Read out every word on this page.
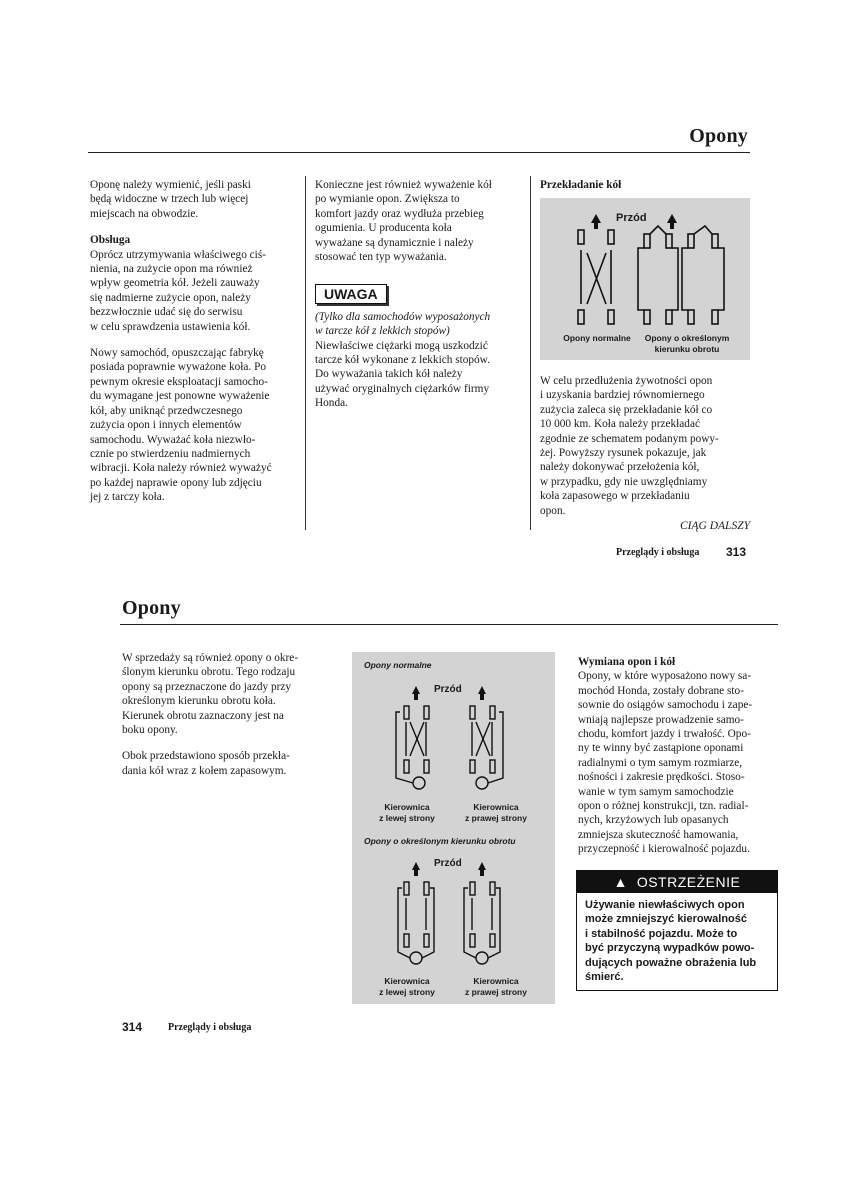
Opony

Oponę należy wymienić, jeśli paski
będą widoczne w trzech lub więcej
miejscach na obwodzie.

Obsługa

Oprócz utrzymywania właściwego ciś-
nienia, na zużycie opon ma również
wpływ geometria kół. Jeżeli zauważy
się nadmierne zużycie opon, należy
bezzwłocznie udać się do serwisu
w celu sprawdzenia ustawienia kół.

Nowy samochód, opuszczając fabrykę
posiada poprawnie wyważone koła. Po
pewnym okresie eksploatacji samocho-
du wymagane jest ponowne wyważenie
kół, aby uniknąć przedwczesnego
zużycia opon i innych elementów
samochodu. Wyważać koła niezwło-
cznie po stwierdzeniu nadmiernych
wibracji. Koła należy również wyważyć
po każdej naprawie opony lub zdjęciu
jej z tarczy koła.

Konieczne jest również wyważenie kół
po wymianie opon. Zwiększa to
komfort jazdy oraz wydłuża przebieg
ogumienia. U producenta koła
wyważane są dynamicznie i należy
stosować ten typ wyważania.

UWAGA

(Tylko dla samochodów wyposażonych
w tarcze kół z lekkich stopów)

Niewłaściwe ciężarki mogą uszkodzić
tarcze kół wykonane z lekkich stopów.
Do wyważania takich kół należy
używać oryginalnych ciężarków firmy
Honda.

Przekładanie kół

Przód
Opony normalne	Opony o określonym
kierunku obrotu

W celu przedłużenia żywotności opon
i uzyskania bardziej równomiernego
zużycia zaleca się przekładanie kół co
10 000 km. Koła należy przekładać
zgodnie ze schematem podanym powy-
żej. Powyższy rysunek pokazuje, jak
należy dokonywać przełożenia kół,
w przypadku, gdy nie uwzględniamy
koła zapasowego w przekładaniu
opon.

CIĄG DALSZY
Przeglądy i obsługa 313
Opony

W sprzedaży są również opony o okre-
ślonym kierunku obrotu. Tego rodzaju
opony są przeznaczone do jazdy przy
określonym kierunku obrotu koła.
Kierunek obrotu zaznaczony jest na
boku opony.

Obok przedstawiono sposób przekła-
dania kół wraz z kołem zapasowym.

Opony normalne
Przód
Kierownica
z lewej strony
Kierownica
z prawej strony
Opony o określonym kierunku obrotu
Przód
Kierownica
z lewej strony
Kierownica
z prawej strony

Wymiana opon i kół

Opony, w które wyposażono nowy sa-
mochód Honda, zostały dobrane sto-
sownie do osiągów samochodu i zape-
wniają najlepsze prowadzenie samo-
chodu, komfort jazdy i trwałość. Opo-
ny te winny być zastąpione oponami
radialnymi o tym samym rozmiarze,
nośności i zakresie prędkości. Stoso-
wanie w tym samym samochodzie
opon o różnej konstrukcji, tzn. radial-
nych, krzyżowych lub opasanych
zmniejsza skuteczność hamowania,
przyczepność i kierowalność pojazdu.

▲ OSTRZEŻENIE
Używanie niewłaściwych opon
może zmniejszyć kierowalność
i stabilność pojazdu. Może to
być przyczyną wypadków powo-
dujących poważne obrażenia lub
śmierć.
314	Przeglądy i obsługa
